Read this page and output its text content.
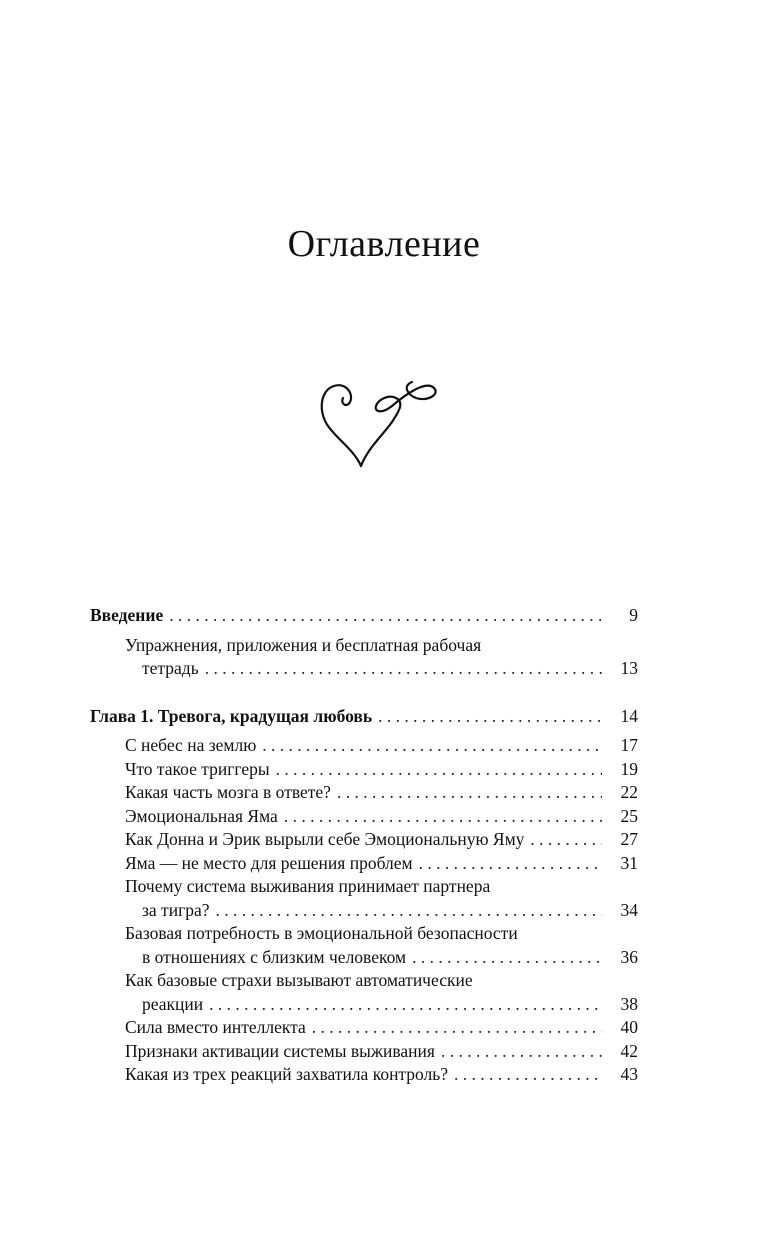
Оглавление
Введение . . .	9
Упражнения, приложения и бесплатная рабочая
тетрадь . . .	13
Глава 1. Тревога, крадущая любовь . . .	14
С небес на землю . . .	17
Что такое триггеры . . .	19
Какая часть мозга в ответе? . . .	22
Эмоциональная Яма . . .	25
Как Донна и Эрик вырыли себе Эмоциональную Яму . . .	27
Яма — не место для решения проблем . . .	31
Почему система выживания принимает партнера
за тигра? . . .	34
Базовая потребность в эмоциональной безопасности
в отношениях с близким человеком . . .	36
Как базовые страхи вызывают автоматические
реакции . . .	38
Сила вместо интеллекта . . .	40
Признаки активации системы выживания . . .	42
Какая из трех реакций захватила контроль? . . .	43
